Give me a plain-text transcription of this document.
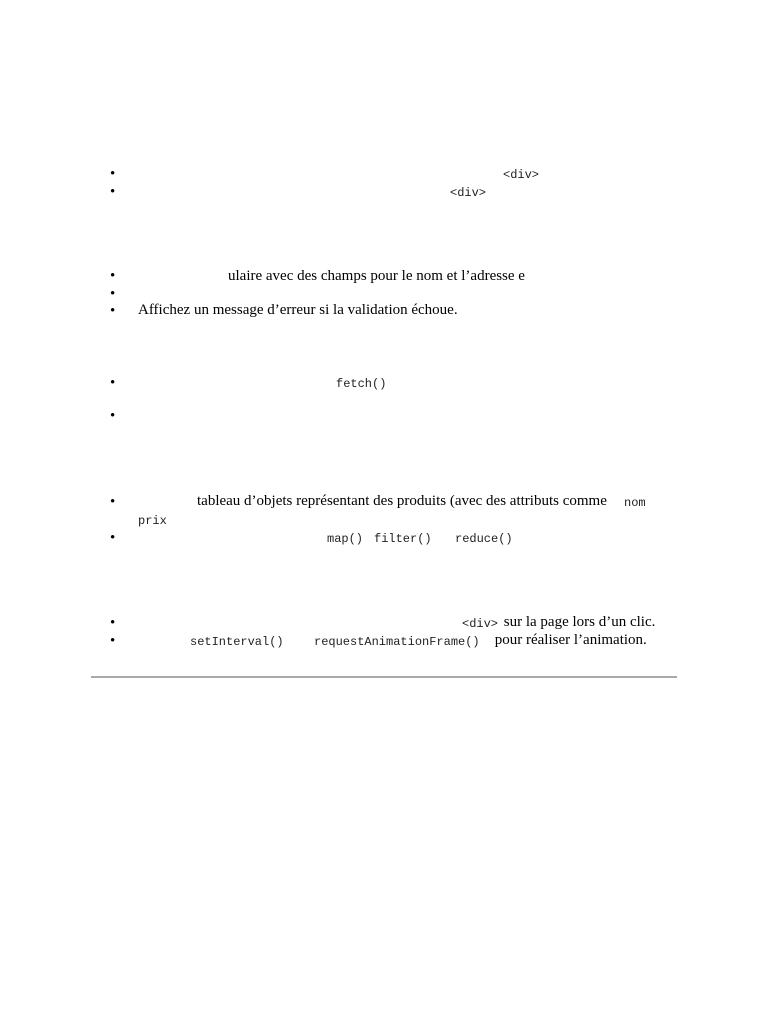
•	<div>
•	<div>
•	ulaire avec des champs pour le nom et l’adresse e
•
• Affichez un message d’erreur si la validation échoue.
•	fetch()
•
•	tableau d’objets représentant des produits (avec des attributs comme nom
prix
•	map() filter() reduce()
•	<div> sur la page lors d’un clic.
•	setInterval()	requestAnimationFrame() pour réaliser l’animation.
